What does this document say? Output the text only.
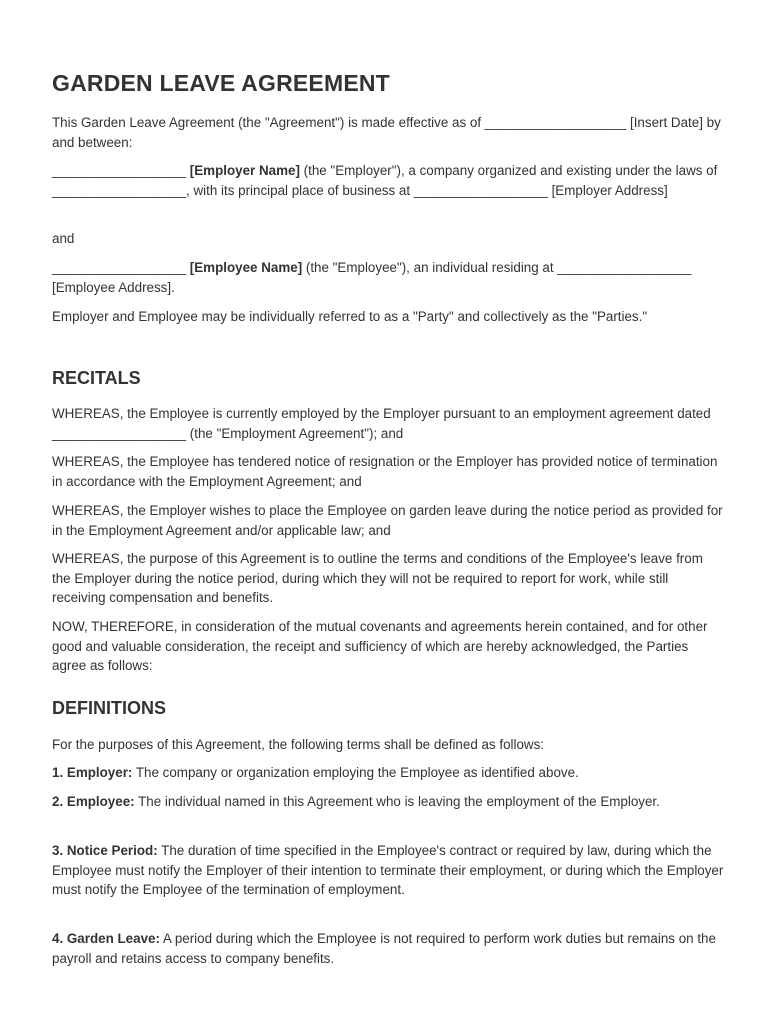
GARDEN LEAVE AGREEMENT

This Garden Leave Agreement (the "Agreement") is made effective as of ___________________ [Insert Date] by and between:

__________________ [Employer Name] (the "Employer"), a company organized and existing under the laws of __________________, with its principal place of business at __________________ [Employer Address]

and

__________________ [Employee Name] (the "Employee"), an individual residing at __________________ [Employee Address].

Employer and Employee may be individually referred to as a "Party" and collectively as the "Parties."

RECITALS

WHEREAS, the Employee is currently employed by the Employer pursuant to an employment agreement dated __________________ (the "Employment Agreement"); and

WHEREAS, the Employee has tendered notice of resignation or the Employer has provided notice of termination in accordance with the Employment Agreement; and

WHEREAS, the Employer wishes to place the Employee on garden leave during the notice period as provided for in the Employment Agreement and/or applicable law; and

WHEREAS, the purpose of this Agreement is to outline the terms and conditions of the Employee's leave from the Employer during the notice period, during which they will not be required to report for work, while still receiving compensation and benefits.

NOW, THEREFORE, in consideration of the mutual covenants and agreements herein contained, and for other good and valuable consideration, the receipt and sufficiency of which are hereby acknowledged, the Parties agree as follows:

DEFINITIONS

For the purposes of this Agreement, the following terms shall be defined as follows:

1. Employer: The company or organization employing the Employee as identified above.

2. Employee: The individual named in this Agreement who is leaving the employment of the Employer.

3. Notice Period: The duration of time specified in the Employee's contract or required by law, during which the Employee must notify the Employer of their intention to terminate their employment, or during which the Employer must notify the Employee of the termination of employment.

4. Garden Leave: A period during which the Employee is not required to perform work duties but remains on the payroll and retains access to company benefits.
